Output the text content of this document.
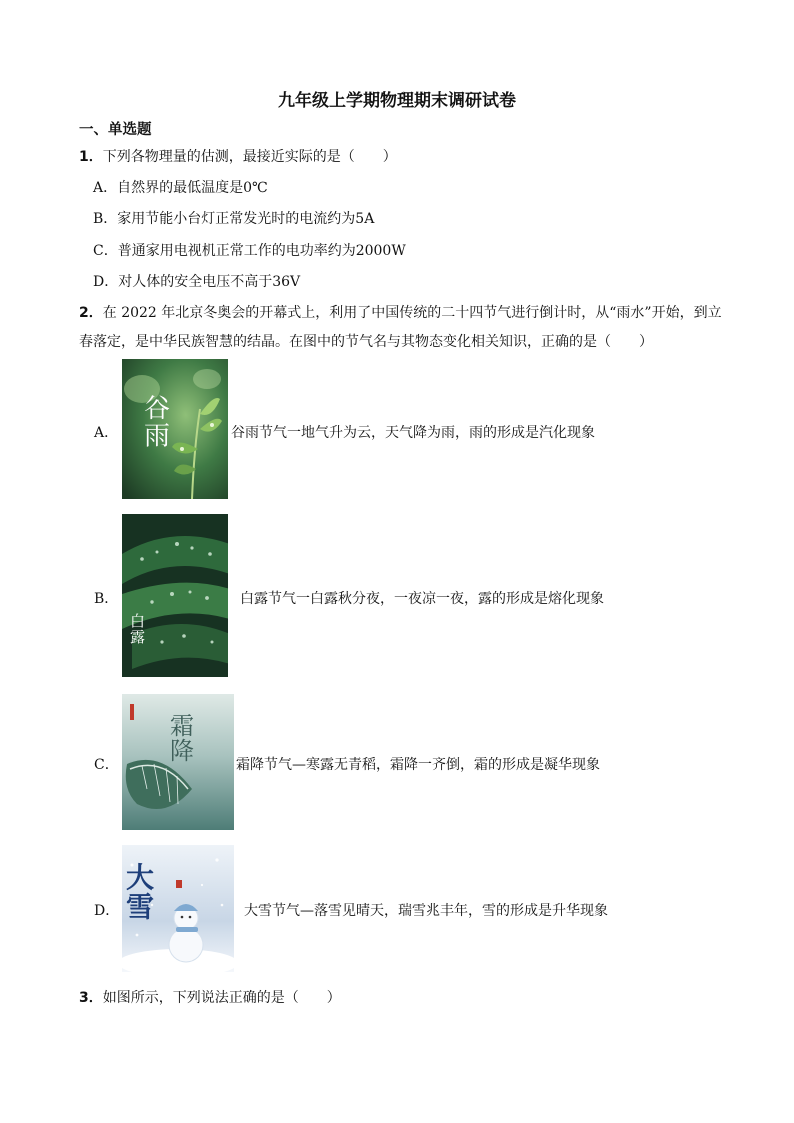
九年级上学期物理期末调研试卷
一、单选题
1．下列各物理量的估测，最接近实际的是（　　）
A．自然界的最低温度是0℃
B．家用节能小台灯正常发光时的电流约为5A
C．普通家用电视机正常工作的电功率约为2000W
D．对人体的安全电压不高于36V
2．在 2022 年北京冬奥会的开幕式上，利用了中国传统的二十四节气进行倒计时，从“雨水”开始，到立
春落定，是中华民族智慧的结晶。在图中的节气名与其物态变化相关知识，正确的是（　　）
A．
谷雨	谷雨节气一地气升为云，天气降为雨，雨的形成是汽化现象
B．
白露
白露节气一白露秋分夜，一夜凉一夜，露的形成是熔化现象
C．
霜降	霜降节气—寒露无青稻，霜降一齐倒，霜的形成是凝华现象
D．
大雪	大雪节气—落雪见晴天，瑞雪兆丰年，雪的形成是升华现象
3．如图所示，下列说法正确的是（　　）
